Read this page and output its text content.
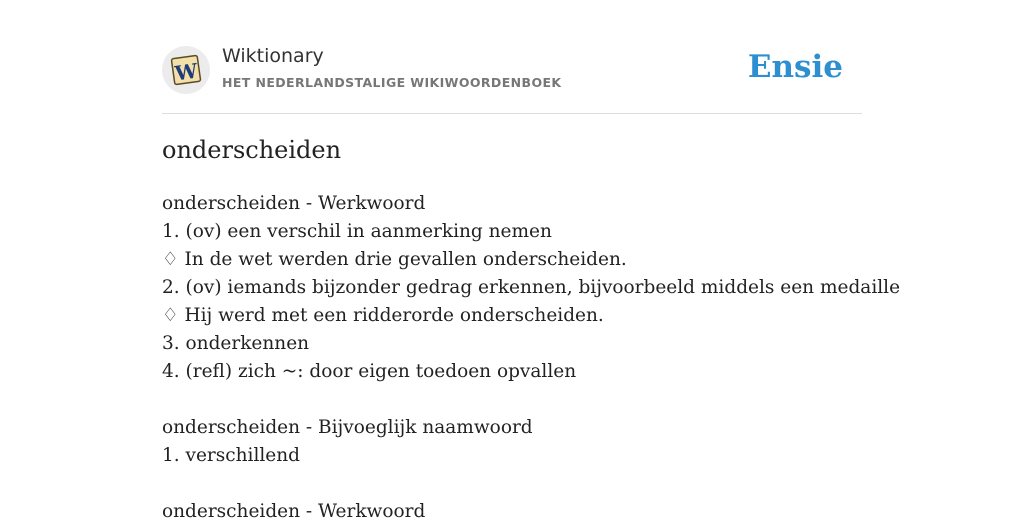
W
Wiktionary
HET NEDERLANDSTALIGE WIKIWOORDENBOEK	Ensie
onderscheiden
onderscheiden - Werkwoord
1. (ov) een verschil in aanmerking nemen
♢ In de wet werden drie gevallen onderscheiden.
2. (ov) iemands bijzonder gedrag erkennen, bijvoorbeeld middels een medaille
♢ Hij werd met een ridderorde onderscheiden.
3. onderkennen
4. (refl) zich ~: door eigen toedoen opvallen
onderscheiden - Bijvoeglijk naamwoord
1. verschillend
onderscheiden - Werkwoord
